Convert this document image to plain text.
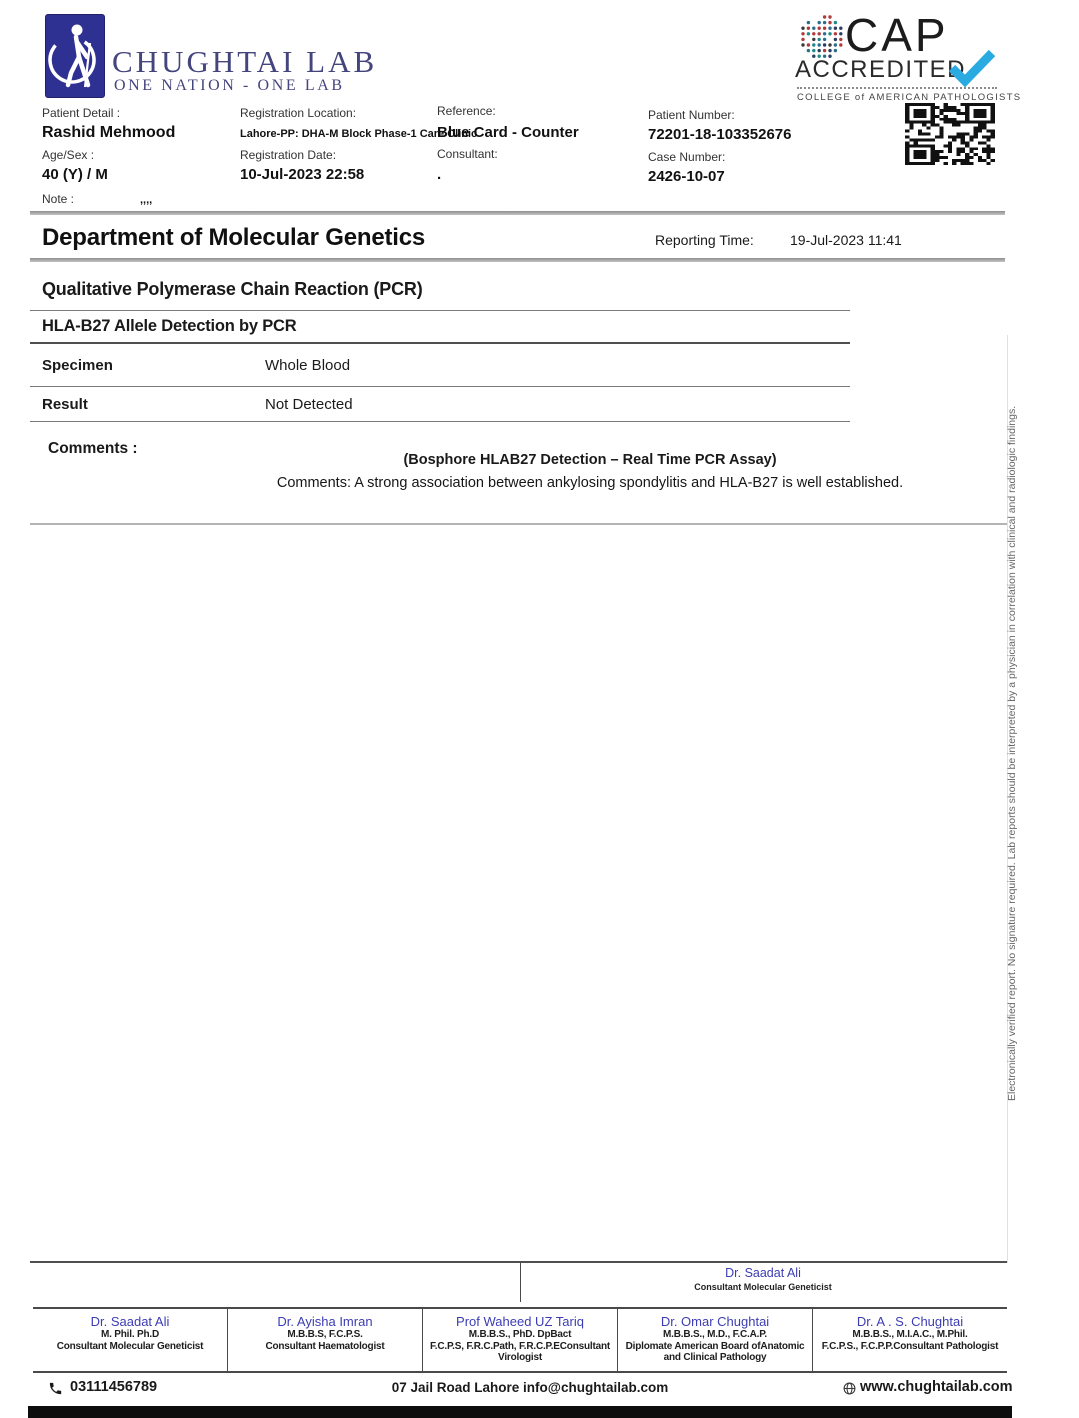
CHUGHTAI LAB
ONE NATION - ONE LAB
CAP
ACCREDITED
COLLEGE of AMERICAN PATHOLOGISTS
Patient Detail :
Rashid Mehmood
Age/Sex :
40 (Y) / M
Note :	,,,,
Registration Location:
Lahore-PP: DHA-M Block Phase-1 Care Clinic
Registration Date:
10-Jul-2023 22:58
Reference:
Blue Card - Counter
Consultant:
.
Patient Number:
72201-18-103352676
Case Number:
2426-10-07
Department of Molecular Genetics	Reporting Time:	19-Jul-2023 11:41
Qualitative Polymerase Chain Reaction (PCR)
HLA-B27 Allele Detection by PCR
Specimen	Whole Blood
Result	Not Detected
Comments :
(Bosphore HLAB27 Detection – Real Time PCR Assay)
Comments: A strong association between ankylosing spondylitis and HLA-B27 is well established.	Electronically verified report. No signature required. Lab reports should be interpreted by a physician in correlation with clinical and radiologic findings.
Dr. Saadat Ali
Consultant Molecular Geneticist
Dr. Saadat Ali
M. Phil. Ph.D
Consultant Molecular Geneticist
Dr. Ayisha Imran
M.B.B.S, F.C.P.S.
Consultant Haematologist
Prof Waheed UZ Tariq
M.B.B.S., PhD. DpBact
F.C.P.S, F.R.C.Path, F.R.C.P.EConsultant
Virologist
Dr. Omar Chughtai
M.B.B.S., M.D., F.C.A.P.
Diplomate American Board ofAnatomic
and Clinical Pathology
Dr. A . S. Chughtai
M.B.B.S., M.I.A.C., M.Phil.
F.C.P.S., F.C.P.P.Consultant Pathologist
03111456789	07 Jail Road Lahore info@chughtailab.com	www.chughtailab.com
